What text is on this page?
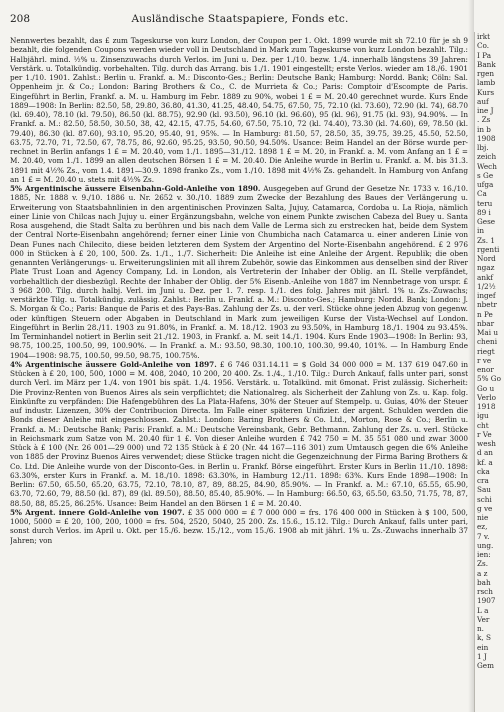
208	Ausländische Staatspapiere, Fonds etc.

Nennwertes bezahlt, das £ zum Tageskurse von kurz London, der Coupon per 1. Okt. 1899 wurde mit sh 72.10 für je sh 9 bezahlt, die folgenden Coupons werden wieder voll in Deutschland in Mark zum Tageskurse von kurz London bezahlt. Tilg.: Halbjährl. mind. ½% u. Zinsenzuwachs durch Verlos. im Juni u. Dez. per 1./10. bezw. 1./4. innerhalb längstens 39 Jahren: Verstärk. u. Totalkündig. vorbehalten. Tilg. durch das Arrang. bis 1./1. 1901 eingestellt; erste Verlos. wieder am 18./6. 1901 per 1./10. 1901. Zahlst.: Berlin u. Frankf. a. M.: Disconto-Ges.; Berlin: Deutsche Bank; Hamburg: Nordd. Bank; Cöln: Sal. Oppenheim jr. & Co.; London: Baring Brothers & Co., C. de Murrieta & Co.; Paris: Comptoir d'Escompte de Paris. Eingeführt in Berlin, Frankf. a. M. u. Hamburg im Febr. 1889 zu 90%, wobei 1 £ = M. 20.40 gerechnet wurde. Kurs Ende 1889—1908: In Berlin: 82.50, 58, 29.80, 36.80, 41.30, 41.25, 48.40, 54.75, 67.50, 75, 72.10 (kl. 73.60), 72.90 (kl. 74), 68.70 (kl. 69.40), 78.10 (kl. 79.50), 86.50 (kl. 88.75), 92.90 (kl. 93.50), 96.10 (kl. 96.60), 95 (kl. 96), 91.75 (kl. 93), 94.90%. — In Frankf. a. M.: 82.50, 58.50, 30.50, 38, 42, 42.15, 47.75, 54.60, 67.50, 75.10, 72 (kl. 74.40), 73.30 (kl. 74.60), 69, 78.50 (kl. 79.40), 86.30 (kl. 87.60), 93.10, 95.20, 95.40, 91, 95%. — In Hamburg: 81.50, 57, 28.50, 35, 39.75, 39.25, 45.50, 52.50, 63.75, 72.70, 71, 72.50, 67, 78.75, 86, 92.60, 95.25, 93.50, 90.50, 94.50%. Usance: Beim Handel an der Börse wurde per-rechnet in Berlin anfangs 1 £ = M. 20.40, vom 1./1. 1895—31./12. 1898 1 £ = M. 20, in Frankf. a. M. vom Anfang an 1 £ = M. 20.40, vom 1./1. 1899 an allen deutschen Börsen 1 £ = M. 20.40. Die Anleihe wurde in Berlin u. Frankf. a. M. bis 31.3. 1891 mit 4½% Zs., vom 1.4. 1891—30.9. 1898 franko Zs., vom 1./10. 1898 mit 4½% Zs. gehandelt. In Hamburg von Anfang an 1 £ = M. 20.40 u. stets mit 4½% Zs.

5% Argentinische äussere Eisenbahn-Gold-Anleihe von 1890. Ausgegeben auf Grund der Gesetze Nr. 1733 v. 16./10. 1885, Nr. 1888 v. 9./10. 1886 u. Nr. 2652 v. 30./10. 1889 zum Zwecke der Bezahlung des Baues der Verlängerung u. Erweiterung von Staatsbahnlinien in den argentinischen Provinzen Salta, Jujuy, Catamarca, Cordoba u. La Rioja, nämlich einer Linie von Chilcas nach Jujuy u. einer Ergänzungsbahn, welche von einem Punkte zwischen Cabeza del Buey u. Santa Rosa ausgehend, die Stadt Salta zu berühren und bis nach dem Valle de Lerma sich zu erstrecken hat, beide dem System der Central Norte-Eisenbahn angehörend; ferner einer Linie von Chumbicha nach Catamarca u. einer anderen Linie von Dean Funes nach Chilecito, diese beiden letzteren dem System der Argentino del Norte-Eisenbahn angehörend. £ 2 976 000 in Stücken à £ 20, 100, 500. Zs. 1./1., 1./7. Sicherheit: Die Anleihe ist eine Anleihe der Argent. Republik; die oben genannten Verlängerungs- u. Erweiterungslinien mit all ihrem Zubehör, sowie das Einkommen aus denselben sind der River Plate Trust Loan and Agency Company, Ld. in London, als Vertreterin der Inhaber der Oblig. an IL Stelle verpfändet, vorbehaltlich der diesbezügl. Rechte der Inhaber der Oblig. der 5% Eisenb.-Anleihe von 1887 im Nennbetrage von urspr. £ 3 968 200. Tilg. durch halbj. Verl. im Juni u. Dez. per 1. 7. resp. 1./1. des folg. Jahres mit jährl. 1% u. Zs.-Zuwachs; verstärkte Tilg. u. Totalkündig. zulässig. Zahlst.: Berlin u. Frankf. a. M.: Disconto-Ges.; Hamburg: Nordd. Bank; London: J. S. Morgan & Co.; Paris: Banque de Paris et des Pays-Bas. Zahlung der Zs. u. der verl. Stücke ohne jeden Abzug von gegenw. oder künftigen Steuern oder Abgaben in Deutschland in Mark zum jeweiligen Kurse der Vista-Wechsel auf London. Eingeführt in Berlin 28./11. 1903 zu 91.80%, in Frankf. a. M. 18./12. 1903 zu 93.50%, in Hamburg 18./1. 1904 zu 93.45%. Im Terminhandel notiert in Berlin seit 21./12. 1903, in Frankf. a. M. seit 14./1. 1904. Kurs Ende 1903—1908: In Berlin: 93, 98.75, 100.25, 100.50, 99, 100.90%. — In Frankf. a. M.: 93.50, 98.30, 100.10, 100.30, 99.40, 101%. — In Hamburg Ende 1904—1908: 98.75, 100.50, 99.50, 98.75, 100.75%.

4% Argentinische äussere Gold-Anleihe von 1897. £ 6 746 031.14.11 = $ Gold 34 000 000 = M. 137 619 047.60 in Stücken à £ 20, 100, 500, 1000 = M. 408, 2040, 10 200, 20 400. Zs. 1./4., 1./10. Tilg.: Durch Ankauf, falls unter pari, sonst durch Verl. im März per 1./4. von 1901 bis spät. 1./4. 1956. Verstärk. u. Totalkünd. mit 6monat. Frist zulässig. Sicherheit: Die Provinz-Renten von Buenos Aires als sein verpflichtet; die Nationalreg. als Sicherheit der Zahlung von Zs. u. Kap. folg. Einkünfte zu verpfänden: Die Hafengebühren des La Plata-Hafens, 30% der Steuer auf Stempelp. u. Guias, 40% der Steuer auf industr. Lizenzen, 30% der Contribucion Directa. Im Falle einer späteren Unifizier. der argent. Schulden werden die Bonds dieser Anleihe mit eingeschlossen. Zahlst.: London: Baring Brothers & Co. Ltd., Morton, Rose & Co.; Berlin u. Frankf. a. M.: Deutsche Bank; Paris: Frankf. a. M.: Deutsche Vereinsbank, Gebr. Bethmann. Zahlung der Zs. u. verl. Stücke in Reichsmark zum Satze von M. 20.40 für 1 £. Von dieser Anleihe wurden £ 742 750 = M. 35 551 080 und zwar 3000 Stück à £ 100 (Nr. 26 001—29 000) und 72 135 Stück à £ 20 (Nr. 44 167—116 301) zum Umtausch gegen die 6% Anleihe von 1885 der Provinz Buenos Aires verwendet; diese Stücke tragen nicht die Gegenzeichnung der Firma Baring Brothers & Co. Ltd. Die Anleihe wurde von der Disconto-Ges. in Berlin u. Frankf. Börse eingeführt. Erster Kurs in Berlin 11./10. 1898: 63.30%, erster Kurs in Frankf. a. M. 18./10. 1898: 63.30%, in Hamburg 12./11. 1898: 63%. Kurs Ende 1898—1908: In Berlin: 67.50, 65.50, 65.20, 63.75, 72.10, 78.10, 87, 89, 88.25, 84.90, 85.90%. — In Frankf. a. M.: 67.10, 65.55, 65.90, 63.70, 72.60, 79, 88.50 (kl. 87), 89 (kl. 89.50), 88.50, 85.40, 85.90%. — In Hamburg: 66.50, 63, 65.50, 63.50, 71.75, 78, 87, 88.50, 88, 85.25, 86.25%. Usance: Beim Handel an den Börsen 1 £ = M. 20.40.

5% Argent. innere Gold-Anleihe von 1907. £ 35 000 000 = £ 7 000 000 = frs. 176 400 000 in Stücken à $ 100, 500, 1000, 5000 = £ 20, 100, 200, 1000 = frs. 504, 2520, 5040, 25 200. Zs. 15.6., 15.12. Tilg.: Durch Ankauf, falls unter pari, sonst durch Verlos. im April u. Okt. per 15./6. bezw. 15./12., vom 15./6. 1908 ab mit jährl. 1% u. Zs.-Zuwachs innerhalb 37 Jahren; von

irkt
Co.
I Pa
Bank
rgen
lamb
Kurs
auf
ine J
. Zs
in b
1908
lbj.
zeich
Wech
s Ge
ufga
Ca
teru
89 i
Gese
in
Zs. 1
rgenti
Nord
ngaz
ankf
1/2½
ingef
nbetr
n Pe
nbar
Mai u
cheni
riegt
r ve
enor
5% Go
Go u
Verlo
1918
igu
cht
r Ve
wesh
d an
kf. a
cka
cra
Sau
schi
g ve
nie
ez,
7 v.
ung.
ien:
Zs.
a z
bah
rsch
1907
L a
Ver
n.
k, S
ein
1 J
Gem
